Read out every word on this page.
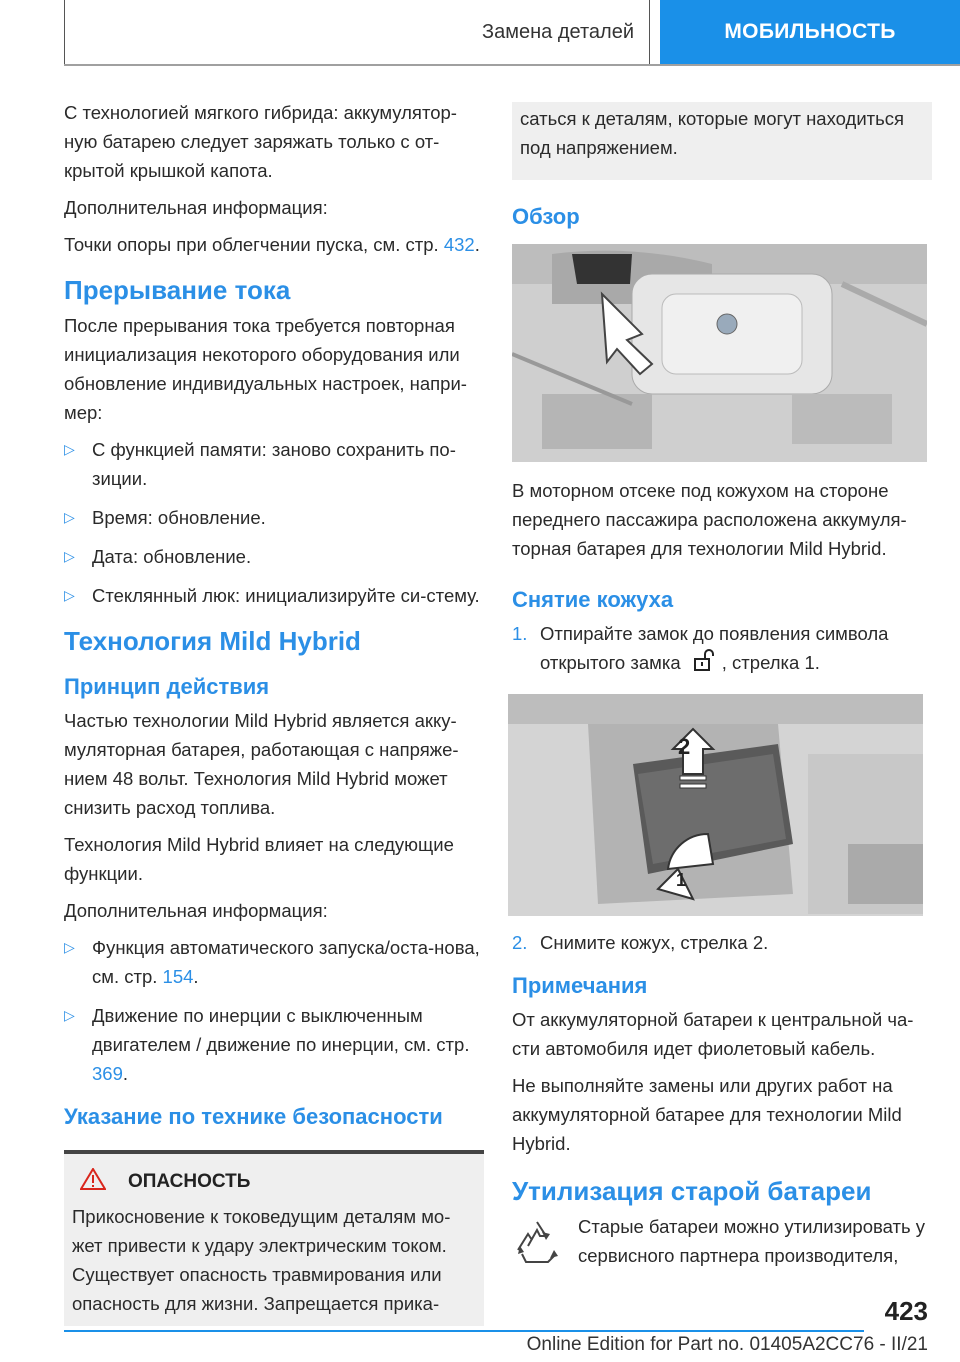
Замена деталей	МОБИЛЬНОСТЬ

С технологией мягкого гибрида: аккумулятор-ную батарею следует заряжать только с от-крытой крышкой капота.

Дополнительная информация:

Точки опоры при облегчении пуска, см. стр. 432.

Прерывание тока

После прерывания тока требуется повторная инициализация некоторого оборудования или обновление индивидуальных настроек, напри-мер:

▷ С функцией памяти: заново сохранить по-зиции.
▷ Время: обновление.
▷ Дата: обновление.
▷ Стеклянный люк: инициализируйте си-стему.
Технология Mild Hybrid
Принцип действия

Частью технологии Mild Hybrid является акку-муляторная батарея, работающая с напряже-нием 48 вольт. Технология Mild Hybrid может снизить расход топлива.

Технология Mild Hybrid влияет на следующие функции.

Дополнительная информация:

▷ Функция автоматического запуска/оста-нова, см. стр. 154.
▷ Движение по инерции с выключенным двигателем / движение по инерции, см. стр. 369.
Указание по технике безопасности
ОПАСНОСТЬ

Прикосновение к токоведущим деталям мо-жет привести к удару электрическим током. Существует опасность травмирования или опасность для жизни. Запрещается прика-

саться к деталям, которые могут находиться под напряжением.

Обзор

В моторном отсеке под кожухом на стороне переднего пассажира расположена аккумуля-торная батарея для технологии Mild Hybrid.

Снятие кожуха
1. Отпирайте замок до появления символа открытого замка , стрелка 1.
2
1
2. Снимите кожух, стрелка 2.
Примечания

От аккумуляторной батареи к центральной ча-сти автомобиля идет фиолетовый кабель.

Не выполняйте замены или других работ на аккумуляторной батарее для технологии Mild Hybrid.

Утилизация старой батареи

Старые батареи можно утилизировать у сервисного партнера производителя,

423
Online Edition for Part no. 01405A2CC76 - II/21
